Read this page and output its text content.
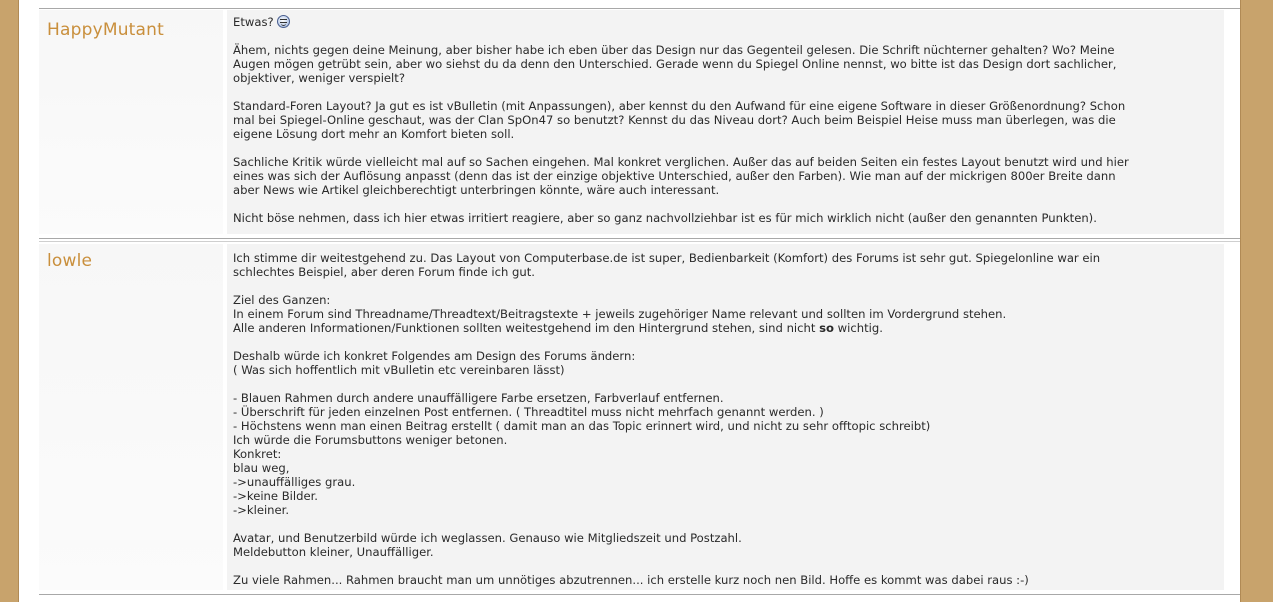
HappyMutant	Etwas?

Ähem, nichts gegen deine Meinung, aber bisher habe ich eben über das Design nur das Gegenteil gelesen. Die Schrift nüchterner gehalten? Wo? Meine
Augen mögen getrübt sein, aber wo siehst du da denn den Unterschied. Gerade wenn du Spiegel Online nennst, wo bitte ist das Design dort sachlicher,
objektiver, weniger verspielt?

Standard-Foren Layout? Ja gut es ist vBulletin (mit Anpassungen), aber kennst du den Aufwand für eine eigene Software in dieser Größenordnung? Schon
mal bei Spiegel-Online geschaut, was der Clan SpOn47 so benutzt? Kennst du das Niveau dort? Auch beim Beispiel Heise muss man überlegen, was die
eigene Lösung dort mehr an Komfort bieten soll.

Sachliche Kritik würde vielleicht mal auf so Sachen eingehen. Mal konkret verglichen. Außer das auf beiden Seiten ein festes Layout benutzt wird und hier
eines was sich der Auflösung anpasst (denn das ist der einzige objektive Unterschied, außer den Farben). Wie man auf der mickrigen 800er Breite dann
aber News wie Artikel gleichberechtigt unterbringen könnte, wäre auch interessant.

Nicht böse nehmen, dass ich hier etwas irritiert reagiere, aber so ganz nachvollziehbar ist es für mich wirklich nicht (außer den genannten Punkten).
lowle	Ich stimme dir weitestgehend zu. Das Layout von Computerbase.de ist super, Bedienbarkeit (Komfort) des Forums ist sehr gut. Spiegelonline war ein
schlechtes Beispiel, aber deren Forum finde ich gut.

Ziel des Ganzen:
In einem Forum sind Threadname/Threadtext/Beitragstexte + jeweils zugehöriger Name relevant und sollten im Vordergrund stehen.
Alle anderen Informationen/Funktionen sollten weitestgehend im den Hintergrund stehen, sind nicht so wichtig.

Deshalb würde ich konkret Folgendes am Design des Forums ändern:
( Was sich hoffentlich mit vBulletin etc vereinbaren lässt)

- Blauen Rahmen durch andere unauffälligere Farbe ersetzen, Farbverlauf entfernen.
- Überschrift für jeden einzelnen Post entfernen. ( Threadtitel muss nicht mehrfach genannt werden. )
- Höchstens wenn man einen Beitrag erstellt ( damit man an das Topic erinnert wird, und nicht zu sehr offtopic schreibt)
Ich würde die Forumsbuttons weniger betonen.
Konkret:
blau weg,
->unauffälliges grau.
->keine Bilder.
->kleiner.

Avatar, und Benutzerbild würde ich weglassen. Genauso wie Mitgliedszeit und Postzahl.
Meldebutton kleiner, Unauffälliger.

Zu viele Rahmen... Rahmen braucht man um unnötiges abzutrennen... ich erstelle kurz noch nen Bild. Hoffe es kommt was dabei raus :-)
